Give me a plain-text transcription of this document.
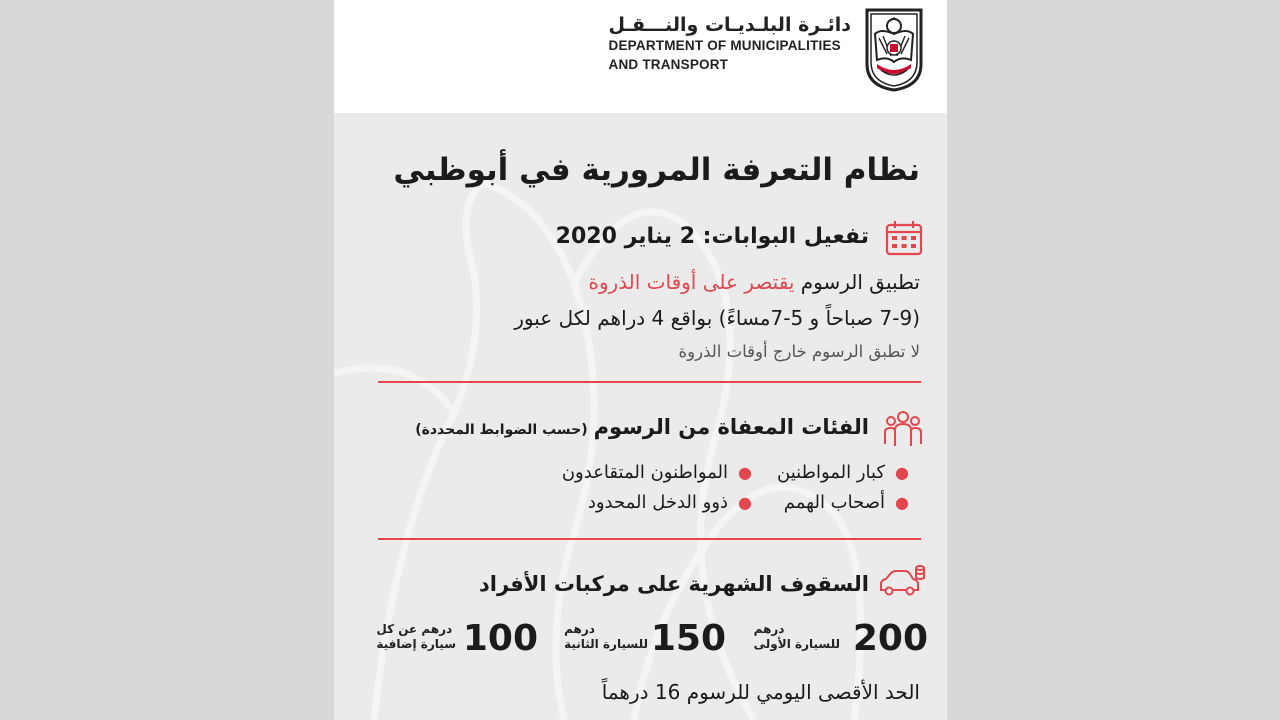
دائـرة البلـديـات والنـــقـل
DEPARTMENT OF MUNICIPALITIES
AND TRANSPORT
نظام التعرفة المرورية في أبوظبي
تفعيل البوابات: 2 يناير 2020
تطبيق الرسوم يقتصر على أوقات الذروة
(7-9 صباحاً و 5-7مساءً) بواقع 4 دراهم لكل عبور
لا تطبق الرسوم خارج أوقات الذروة
الفئات المعفاة من الرسوم(حسب الضوابط المحددة)
●كبار المواطنين
●المواطنون المتقاعدون
●أصحاب الهمم
●ذوو الدخل المحدود
السقوف الشهرية على مركبات الأفراد
200
درهم
للسيارة الأولى
150
درهم
للسيارة الثانية
100
درهم عن كل
سيارة إضافية
الحد الأقصى اليومي للرسوم 16 درهماً
